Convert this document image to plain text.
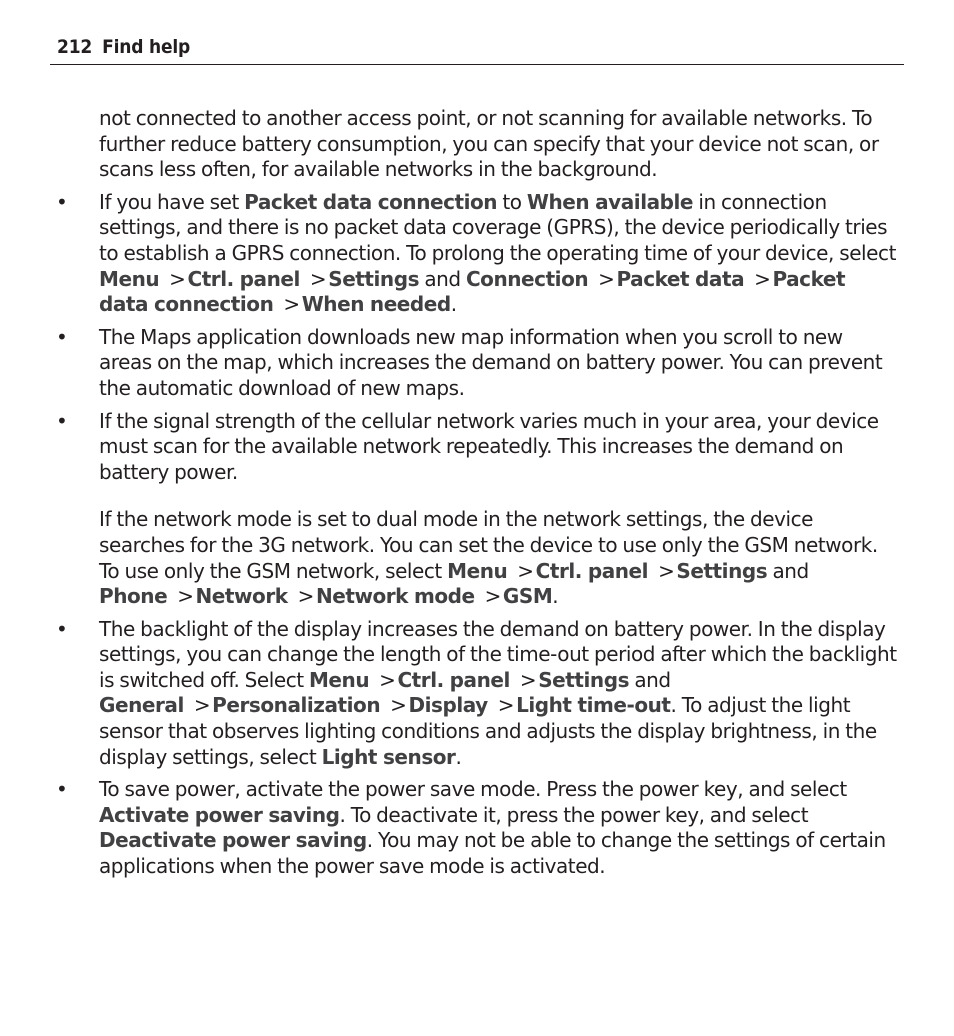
212 Find help

not connected to another access point, or not scanning for available networks. To further reduce battery consumption, you can specify that your device not scan, or scans less often, for available networks in the background.

•	If you have set Packet data connection to When available in connection settings, and there is no packet data coverage (GPRS), the device periodically tries to establish a GPRS connection. To prolong the operating time of your device, select Menu > Ctrl. panel > Settings and Connection > Packet data > Packet data connection > When needed.

•	The Maps application downloads new map information when you scroll to new areas on the map, which increases the demand on battery power. You can prevent the automatic download of new maps.

•	If the signal strength of the cellular network varies much in your area, your device must scan for the available network repeatedly. This increases the demand on battery power.

If the network mode is set to dual mode in the network settings, the device searches for the 3G network. You can set the device to use only the GSM network. To use only the GSM network, select Menu > Ctrl. panel > Settings and Phone > Network > Network mode > GSM.

•	The backlight of the display increases the demand on battery power. In the display settings, you can change the length of the time-out period after which the backlight is switched off. Select Menu > Ctrl. panel > Settings and General > Personalization > Display > Light time-out. To adjust the light sensor that observes lighting conditions and adjusts the display brightness, in the display settings, select Light sensor.

•	To save power, activate the power save mode. Press the power key, and select Activate power saving. To deactivate it, press the power key, and select Deactivate power saving. You may not be able to change the settings of certain applications when the power save mode is activated.
